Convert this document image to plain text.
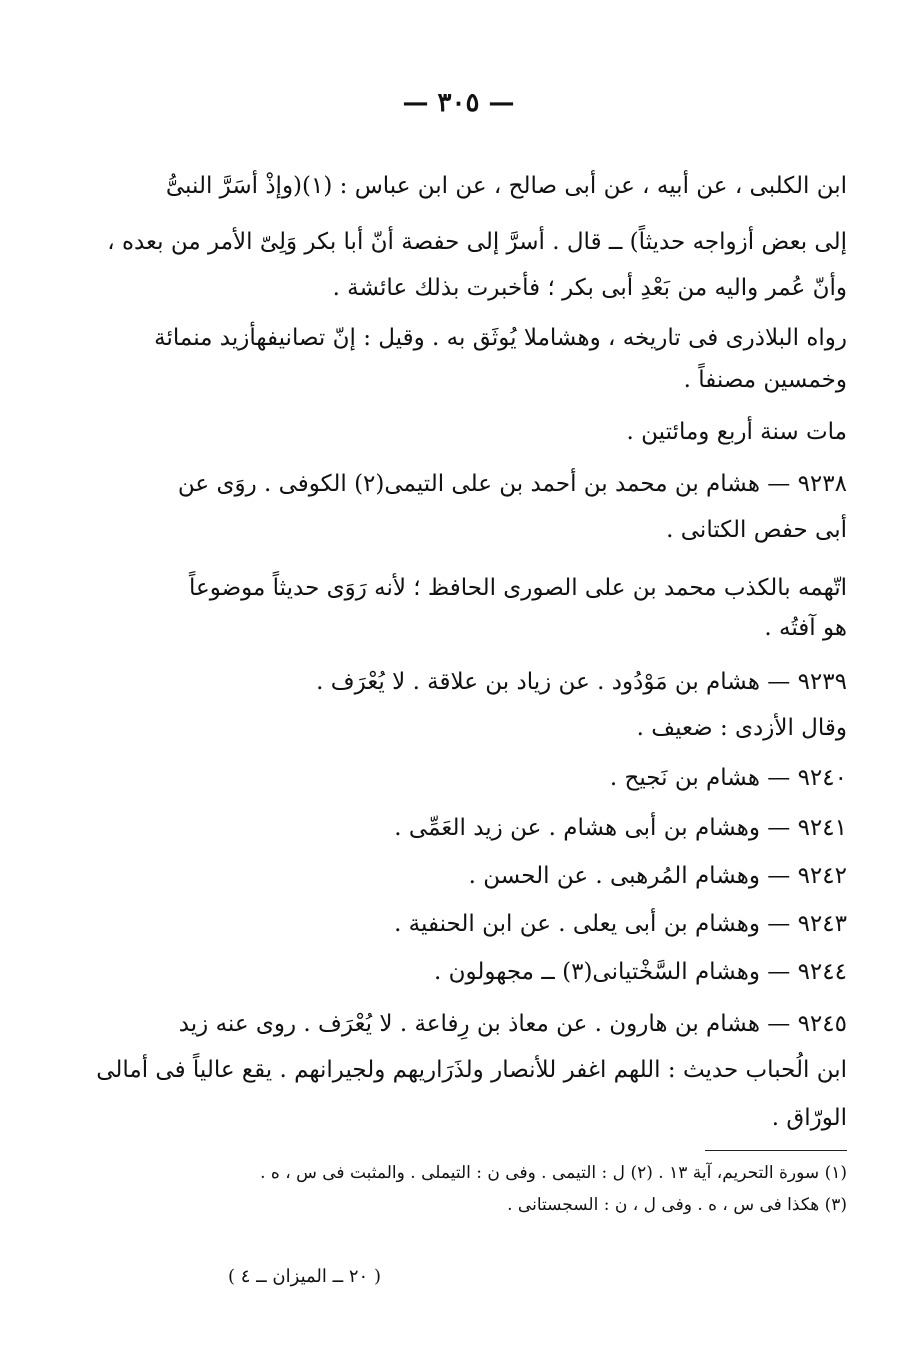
— ٣٠٥ —
ابن الكلبى ، عن أبيه ، عن أبى صالح ، عن ابن عباس : (١)(وإذْ أسَرَّ النبىُّ
إلى بعض أزواجه حديثاً) ــ قال . أسرَّ إلى حفصة أنّ أبا بكر وَلِىّ الأمر من بعده ،
وأنّ عُمر واليه من بَعْدِ أبى بكر ؛ فأخبرت بذلك عائشة .
رواه البلاذرى فى تاريخه ، وهشاملا يُوثَق به . وقيل : إنّ تصانيفهأزيد منمائة
وخمسين مصنفاً .
مات سنة أربع ومائتين .
٩٢٣٨ — هشام بن محمد بن أحمد بن على التيمى(٢) الكوفى . روَى عن
أبى حفص الكتانى .
اتّهمه بالكذب محمد بن على الصورى الحافظ ؛ لأنه رَوَى حديثاً موضوعاً
هو آفتُه .
٩٢٣٩ — هشام بن مَوْدُود . عن زياد بن علاقة . لا يُعْرَف .
وقال الأزدى : ضعيف .
٩٢٤٠ — هشام بن نَجيح .
٩٢٤١ — وهشام بن أبى هشام . عن زيد العَمِّى .
٩٢٤٢ — وهشام المُرهبى . عن الحسن .
٩٢٤٣ — وهشام بن أبى يعلى . عن ابن الحنفية .
٩٢٤٤ — وهشام السَّخْتيانى(٣) ــ مجهولون .
٩٢٤٥ — هشام بن هارون . عن معاذ بن رِفاعة . لا يُعْرَف . روى عنه زيد
ابن الُحباب حديث : اللهم اغفر للأنصار ولذَرَاريهم ولجيرانهم . يقع عالياً فى أمالى
الورّاق .
(١) سورة التحريم، آية ١٣ . (٢) ل : التيمى . وفى ن : التيملى . والمثبت فى س ، ه .
(٣) هكذا فى س ، ه . وفى ل ، ن : السجستانى .
( ٢٠ ــ الميزان ــ ٤ )
